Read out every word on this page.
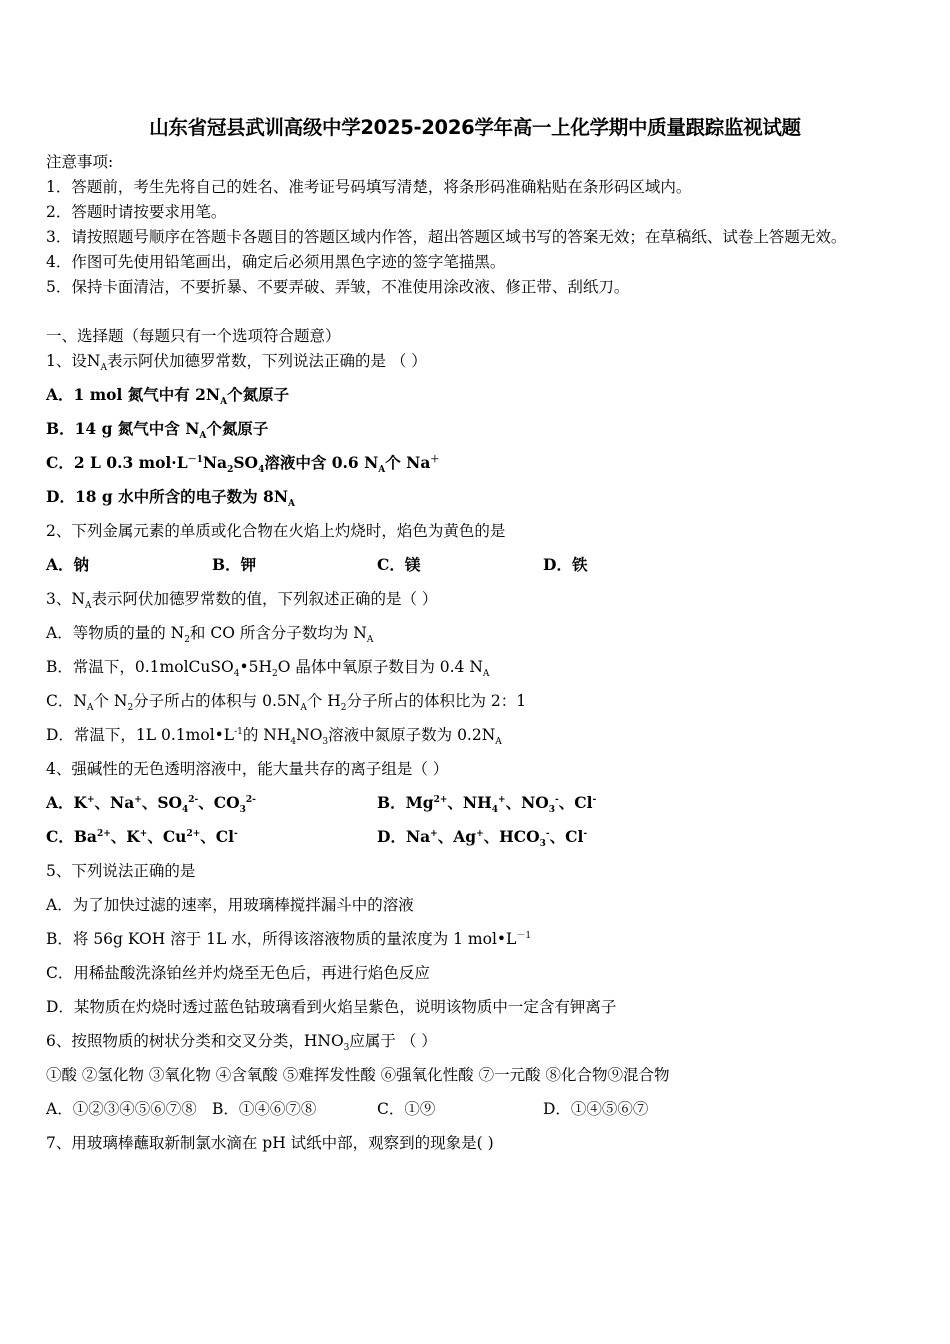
山东省冠县武训高级中学2025-2026学年高一上化学期中质量跟踪监视试题
注意事项:
1．答题前，考生先将自己的姓名、准考证号码填写清楚，将条形码准确粘贴在条形码区域内。
2．答题时请按要求用笔。
3．请按照题号顺序在答题卡各题目的答题区域内作答，超出答题区域书写的答案无效；在草稿纸、试卷上答题无效。
4．作图可先使用铅笔画出，确定后必须用黑色字迹的签字笔描黑。
5．保持卡面清洁，不要折暴、不要弄破、弄皱，不准使用涂改液、修正带、刮纸刀。
一、选择题（每题只有一个选项符合题意）
1、设$N_A$表示阿伏加德罗常数，下列说法正确的是 （ ）
A．1 mol 氮气中有 $2N_A$个氮原子
B．14 g 氮气中含 $N_A$个氮原子
C．2 L 0.3 $mol\cdot L^{-1}Na_2SO_4$溶液中含 0.6 $N_A$个 Na＋
D．18 g 水中所含的电子数为 $8N_A$
2、下列金属元素的单质或化合物在火焰上灼烧时，焰色为黄色的是
A．钠	B．钾	C．镁	D．铁
3、$N_A$表示阿伏加德罗常数的值，下列叙述正确的是（ ）
A．等物质的量的 $N_2$和 CO 所含分子数均为 $N_A$
B．常温下，$0.1molCuSO_4•5H_2O$ 晶体中氧原子数目为 0.4 $N_A$
C．$N_A$个 $N_2$分子所占的体积与 $0.5N_A$个 $H_2$分子所占的体积比为 2：1
D．常温下，1L $0.1mol•L^{-1}$的 $NH_4NO_3$溶液中氮原子数为 $0.2N_A$
4、强碱性的无色透明溶液中，能大量共存的离子组是（ ）
A．K+、Na+、$SO_4^{2-}$、$CO_3^{2-}$	B．$Mg^{2+}$、$NH_4^+$、$NO_3^-$、Cl-
C．$Ba^{2+}$、K+、$Cu^{2+}$、Cl-	D．Na+、Ag+、$HCO_3^-$、Cl-
5、下列说法正确的是
A．为了加快过滤的速率，用玻璃棒搅拌漏斗中的溶液
B．将 56g KOH 溶于 1L 水，所得该溶液物质的量浓度为 1 $mol•L^{-1}$
C．用稀盐酸洗涤铂丝并灼烧至无色后，再进行焰色反应
D．某物质在灼烧时透过蓝色钴玻璃看到火焰呈紫色，说明该物质中一定含有钾离子
6、按照物质的树状分类和交叉分类，$HNO_3$应属于 （ ）
①酸 ②氢化物 ③氧化物 ④含氧酸 ⑤难挥发性酸 ⑥强氧化性酸 ⑦一元酸 ⑧化合物⑨混合物
A．①②③④⑤⑥⑦⑧ B．①④⑥⑦⑧	C．①⑨	D．①④⑤⑥⑦
7、用玻璃棒蘸取新制氯水滴在 pH 试纸中部，观察到的现象是( )
